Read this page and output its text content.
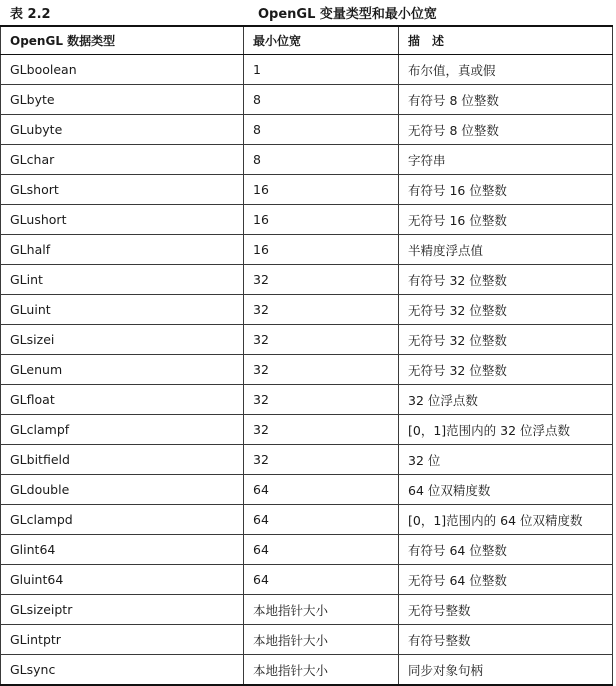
表 2.2	OpenGL 变量类型和最小位宽
OpenGL 数据类型	最小位宽	描　述
GLboolean	1	布尔值，真或假
GLbyte	8	有符号 8 位整数
GLubyte	8	无符号 8 位整数
GLchar	8	字符串
GLshort	16	有符号 16 位整数
GLushort	16	无符号 16 位整数
GLhalf	16	半精度浮点值
GLint	32	有符号 32 位整数
GLuint	32	无符号 32 位整数
GLsizei	32	无符号 32 位整数
GLenum	32	无符号 32 位整数
GLfloat	32	32 位浮点数
GLclampf	32	[0，1]范围内的 32 位浮点数
GLbitfield	32	32 位
GLdouble	64	64 位双精度数
GLclampd	64	[0，1]范围内的 64 位双精度数
Glint64	64	有符号 64 位整数
Gluint64	64	无符号 64 位整数
GLsizeiptr	本地指针大小	无符号整数
GLintptr	本地指针大小	有符号整数
GLsync	本地指针大小	同步对象句柄
